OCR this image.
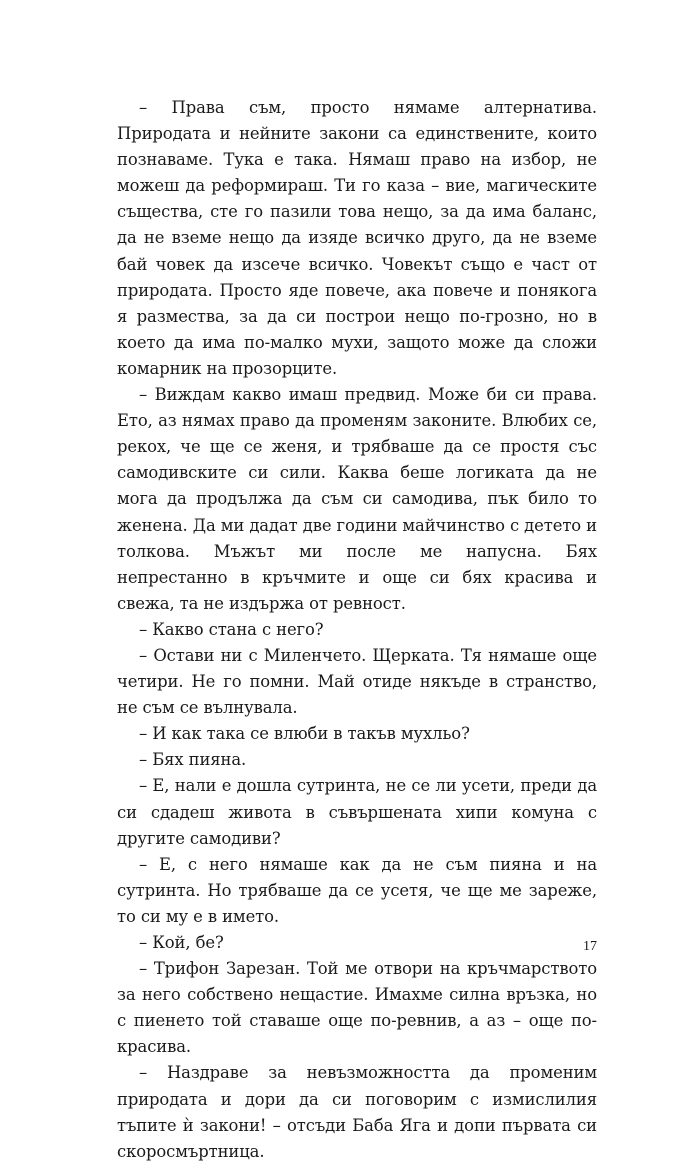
– Права съм, просто нямаме алтернатива. Природата и нейните закони са единствените, които познаваме. Тука е така. Нямаш право на избор, не можеш да реформираш. Ти го каза – вие, магическите същества, сте го пазили това нещо, за да има баланс, да не вземе нещо да изяде всичко друго, да не вземе бай човек да изсече всичко. Човекът също е част от природата. Просто яде повече, ака повече и понякога я размества, за да си построи нещо по-грозно, но в което да има по-малко мухи, защото може да сложи комарник на прозорците.

– Виждам какво имаш предвид. Може би си права. Ето, аз нямах право да променям законите. Влюбих се, рекох, че ще се женя, и трябваше да се простя със самодивските си сили. Каква беше логиката да не мога да продължа да съм си самодива, пък било то женена. Да ми дадат две години майчинство с детето и толкова. Мъжът ми после ме напусна. Бях непрестанно в кръчмите и още си бях красива и свежа, та не издържа от ревност.

– Какво стана с него?

– Остави ни с Миленчето. Щерката. Тя нямаше още четири. Не го помни. Май отиде някъде в странство, не съм се вълнувала.

– И как така се влюби в такъв мухльо?

– Бях пияна.

– Е, нали е дошла сутринта, не се ли усети, преди да си сдадеш живота в съвършената хипи комуна с другите самодиви?

– Е, с него нямаше как да не съм пияна и на сутринта. Но трябваше да се усетя, че ще ме зареже, то си му е в името.

– Кой, бе?

– Трифон Зарезан. Той ме отвори на кръчмарството за него собствено нещастие. Имахме силна връзка, но с пиенето той ставаше още по-ревнив, а аз – още по-красива.

– Наздраве за невъзможността да променим природата и дори да си поговорим с измислилия тъпите ѝ закони! – отсъди Баба Яга и допи първата си скоросмъртница.

17
